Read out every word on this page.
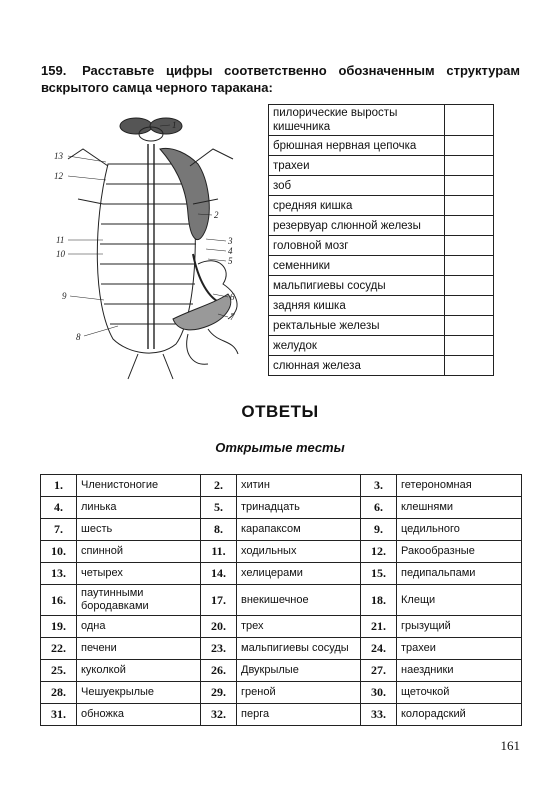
159. Расставьте цифры соответственно обозначенным структурам вскрытого самца черного таракана:
1
2
3
4
5
6
7
13
12
11
10
9
8
пилорические выросты кишечника	
брюшная нервная цепочка	
трахеи	
зоб	
средняя кишка	
резервуар слюнной железы	
головной мозг	
семенники	
мальпигиевы сосуды	
задняя кишка	
ректальные железы	
желудок	
слюнная железа	
ОТВЕТЫ
Открытые тесты
1.	Членистоногие	2.	хитин	3.	гетерономная
4.	линька	5.	тринадцать	6.	клешнями
7.	шесть	8.	карапаксом	9.	цедильного
10.	спинной	11.	ходильных	12.	Ракообразные
13.	четырех	14.	хелицерами	15.	педипальпами
16.	паутинными бородавками	17.	внекишечное	18.	Клещи
19.	одна	20.	трех	21.	грызущий
22.	печени	23.	мальпигиевы сосуды	24.	трахеи
25.	куколкой	26.	Двукрылые	27.	наездники
28.	Чешуекрылые	29.	греной	30.	щеточкой
31.	обножка	32.	перга	33.	колорадский
161
